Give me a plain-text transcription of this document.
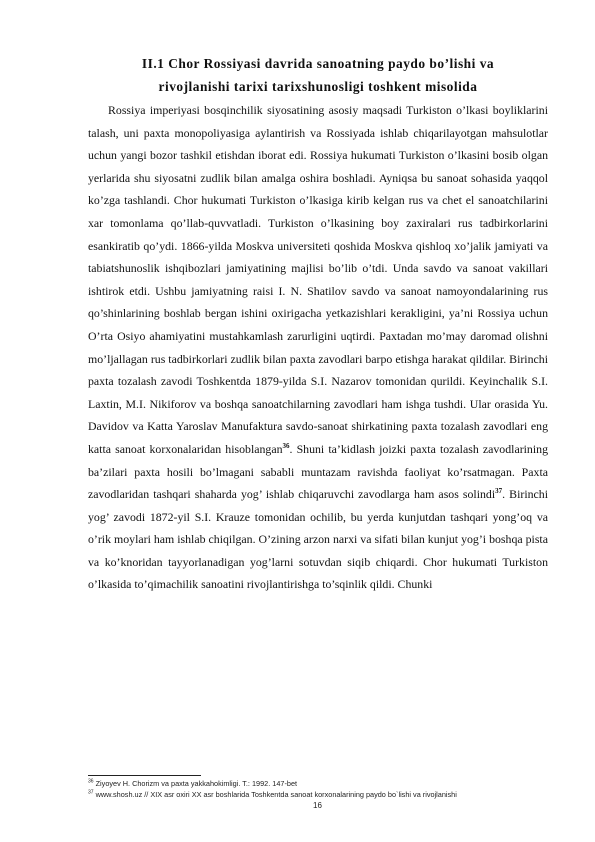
II.1 Chor Rossiyasi davrida sanoatning paydo bo’lishi va
rivojlanishi tarixi tarixshunosligi toshkent misolida

Rossiya imperiyasi bosqinchilik siyosatining asosiy maqsadi Turkiston o’lkasi boyliklarini talash, uni paxta monopoliyasiga aylantirish va Rossiyada ishlab chiqarilayotgan mahsulotlar uchun yangi bozor tashkil etishdan iborat edi. Rossiya hukumati Turkiston o’lkasini bosib olgan yerlarida shu siyosatni zudlik bilan amalga oshira boshladi. Ayniqsa bu sanoat sohasida yaqqol ko’zga tashlandi. Chor hukumati Turkiston o’lkasiga kirib kelgan rus va chet el sanoatchilarini xar tomonlama qo’llab-quvvatladi. Turkiston o’lkasining boy zaxiralari rus tadbirkorlarini esankiratib qo’ydi. 1866-yilda Moskva universiteti qoshida Moskva qishloq xo’jalik jamiyati va tabiatshunoslik ishqibozlari jamiyatining majlisi bo’lib o’tdi. Unda savdo va sanoat vakillari ishtirok etdi. Ushbu jamiyatning raisi I. N. Shatilov savdo va sanoat namoyondalarining rus qo’shinlarining boshlab bergan ishini oxirigacha yetkazishlari kerakligini, ya’ni Rossiya uchun O’rta Osiyo ahamiyatini mustahkamlash zarurligini uqtirdi. Paxtadan mo’may daromad olishni mo’ljallagan rus tadbirkorlari zudlik bilan paxta zavodlari barpo etishga harakat qildilar. Birinchi paxta tozalash zavodi Toshkentda 1879-yilda S.I. Nazarov tomonidan qurildi. Keyinchalik S.I. Laxtin, M.I. Nikiforov va boshqa sanoatchilarning zavodlari ham ishga tushdi. Ular orasida Yu. Davidov va Katta Yaroslav Manufaktura savdo-sanoat shirkatining paxta tozalash zavodlari eng katta sanoat korxonalaridan hisoblangan$^{36}$. Shuni ta’kidlash joizki paxta tozalash zavodlarining ba’zilari paxta hosili bo’lmagani sababli muntazam ravishda faoliyat ko’rsatmagan. Paxta zavodlaridan tashqari shaharda yog’ ishlab chiqaruvchi zavodlarga ham asos solindi$^{37}$. Birinchi yog’ zavodi 1872-yil S.I. Krauze tomonidan ochilib, bu yerda kunjutdan tashqari yong’oq va o’rik moylari ham ishlab chiqilgan. O’zining arzon narxi va sifati bilan kunjut yog’i boshqa pista va ko’knoridan tayyorlanadigan yog’larni sotuvdan siqib chiqardi. Chor hukumati Turkiston o’lkasida to’qimachilik sanoatini rivojlantirishga to’sqinlik qildi. Chunki

$^{36}$ Ziyoyev H. Chorizm va paxta yakkahokimligi. T.: 1992. 147-bet
$^{37}$ www.shosh.uz // XIX asr oxiri XX asr boshlarida Toshkentda sanoat korxonalarining paydo bo`lishi va rivojlanishi
16
